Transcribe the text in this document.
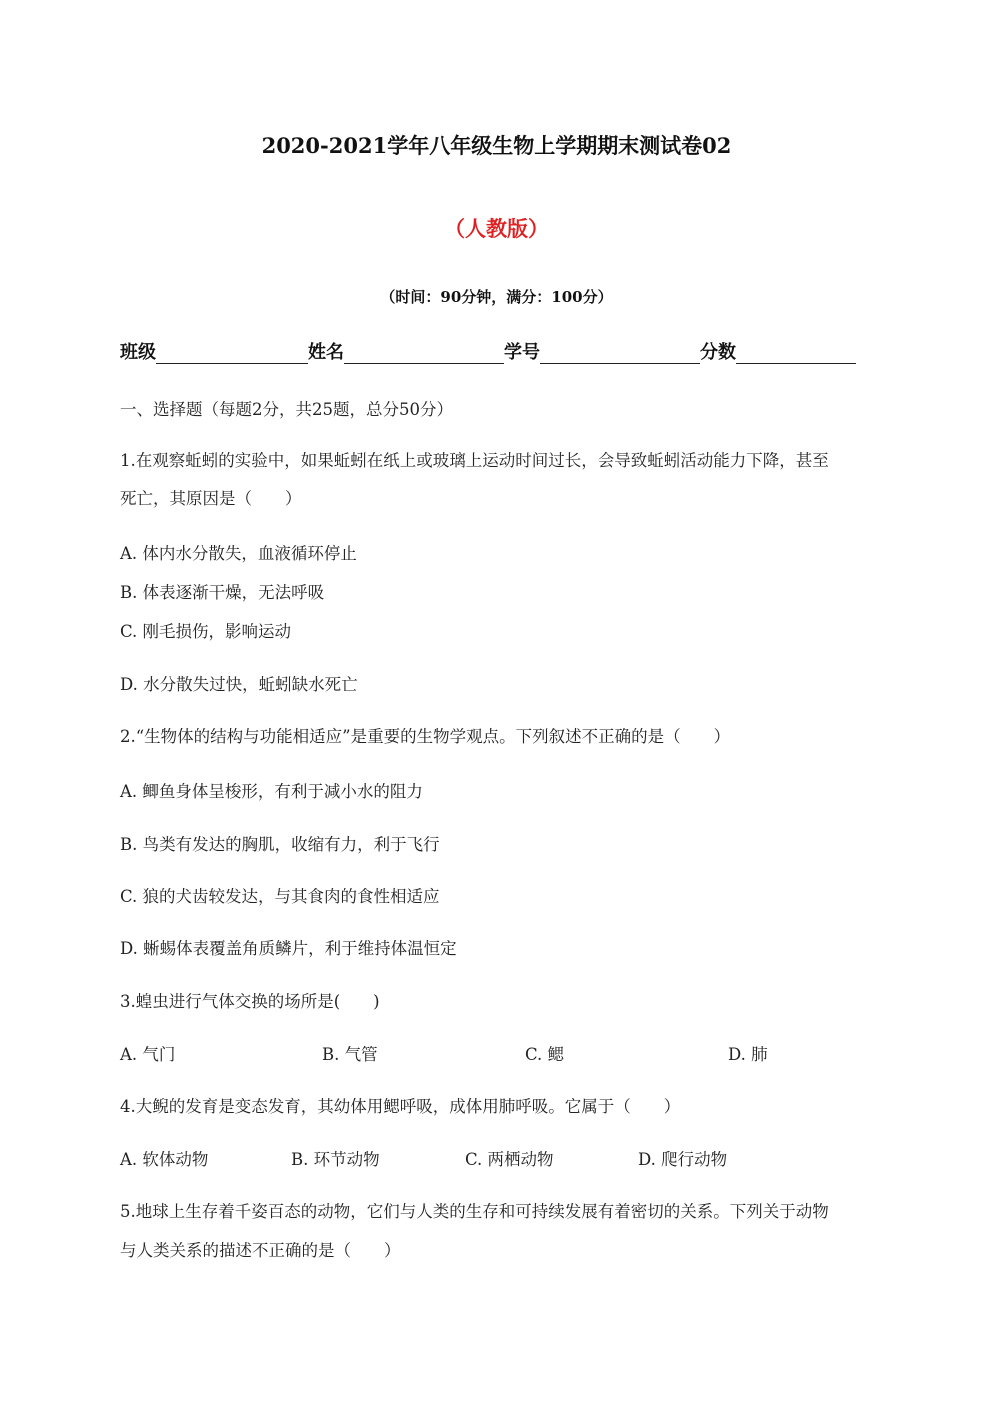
2020-2021学年八年级生物上学期期末测试卷02
（人教版）
（时间：90分钟，满分：100分）
班级	姓名	学号	分数
一、选择题（每题2分，共25题，总分50分）
1.在观察蚯蚓的实验中，如果蚯蚓在纸上或玻璃上运动时间过长，会导致蚯蚓活动能力下降，甚至
死亡，其原因是（　　）
A. 体内水分散失，血液循环停止
B. 体表逐渐干燥，无法呼吸
C. 刚毛损伤，影响运动
D. 水分散失过快，蚯蚓缺水死亡
2.“生物体的结构与功能相适应”是重要的生物学观点。下列叙述不正确的是（　　）
A. 鲫鱼身体呈梭形，有利于减小水的阻力
B. 鸟类有发达的胸肌，收缩有力，利于飞行
C. 狼的犬齿较发达，与其食肉的食性相适应
D. 蜥蜴体表覆盖角质鳞片，利于维持体温恒定
3.蝗虫进行气体交换的场所是(　　)
A. 气门	B. 气管	C. 鳃	D. 肺
4.大鲵的发育是变态发育，其幼体用鳃呼吸，成体用肺呼吸。它属于（　　）
A. 软体动物	B. 环节动物	C. 两栖动物	D. 爬行动物
5.地球上生存着千姿百态的动物，它们与人类的生存和可持续发展有着密切的关系。下列关于动物
与人类关系的描述不正确的是（　　）
